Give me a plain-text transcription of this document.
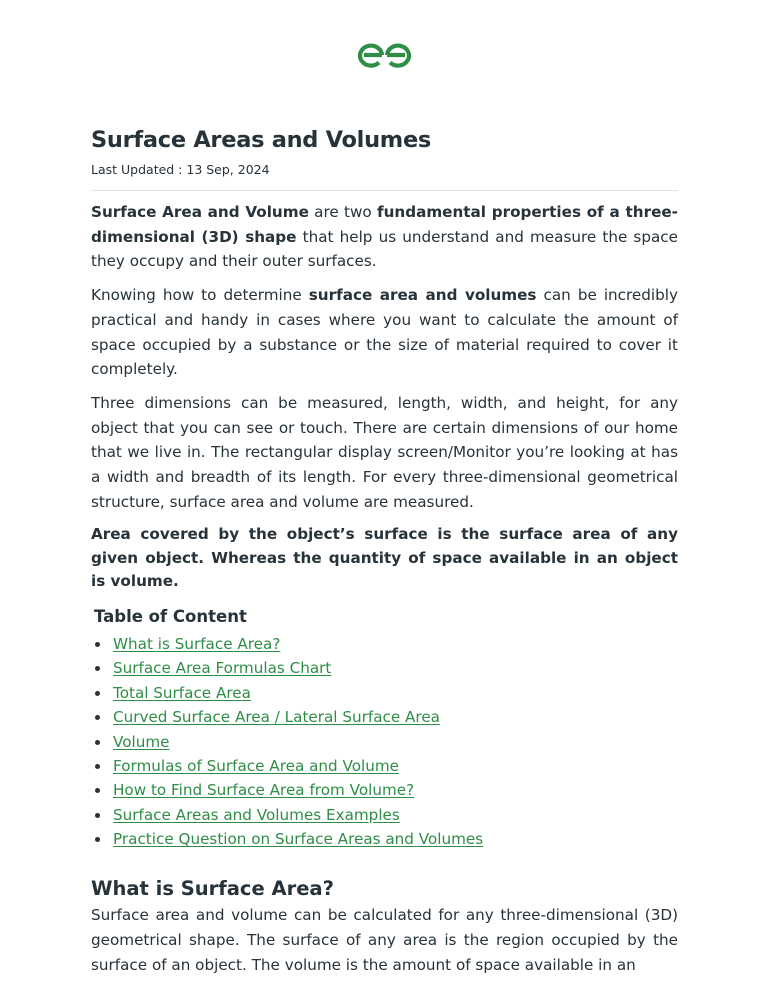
Surface Areas and Volumes
Last Updated : 13 Sep, 2024

Surface Area and Volume are two fundamental properties of a three-dimensional (3D) shape that help us understand and measure the space they occupy and their outer surfaces.

Knowing how to determine surface area and volumes can be incredibly practical and handy in cases where you want to calculate the amount of space occupied by a substance or the size of material required to cover it completely.

Three dimensions can be measured, length, width, and height, for any object that you can see or touch. There are certain dimensions of our home that we live in. The rectangular display screen/Monitor you’re looking at has a width and breadth of its length. For every three-dimensional geometrical structure, surface area and volume are measured.

Area covered by the object’s surface is the surface area of any given object. Whereas the quantity of space available in an object is volume.

Table of Content
What is Surface Area?
Surface Area Formulas Chart
Total Surface Area
Curved Surface Area / Lateral Surface Area
Volume
Formulas of Surface Area and Volume
How to Find Surface Area from Volume?
Surface Areas and Volumes Examples
Practice Question on Surface Areas and Volumes
What is Surface Area?

Surface area and volume can be calculated for any three-dimensional (3D) geometrical shape. The surface of any area is the region occupied by the surface of an object. The volume is the amount of space available in an
